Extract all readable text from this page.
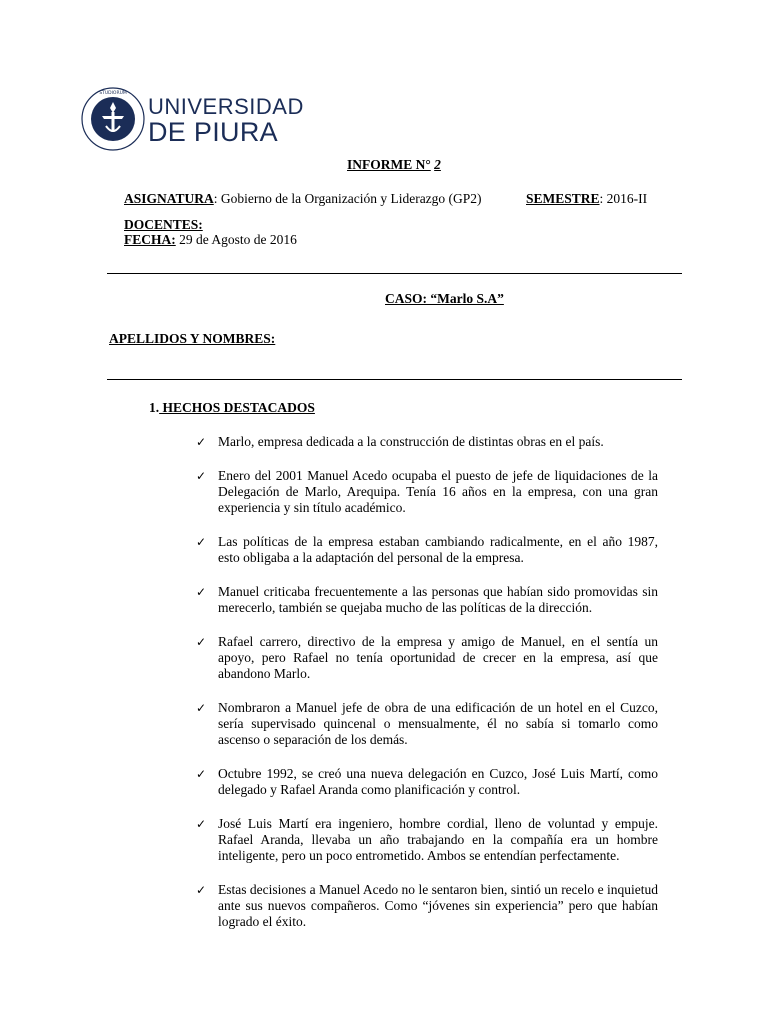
· STUDIORUM ·
UNIVERSIDAD
DE PIURA
INFORME N° 2
ASIGNATURA: Gobierno de la Organización y Liderazgo (GP2)	SEMESTRE: 2016-II
DOCENTES:
FECHA: 29 de Agosto de 2016
CASO: “Marlo S.A”
APELLIDOS Y NOMBRES:
1. HECHOS DESTACADOS
✓ Marlo, empresa dedicada a la construcción de distintas obras en el país.
✓ Enero del 2001 Manuel Acedo ocupaba el puesto de jefe de liquidaciones de la Delegación de Marlo, Arequipa. Tenía 16 años en la empresa, con una gran experiencia y sin título académico.
✓ Las políticas de la empresa estaban cambiando radicalmente, en el año 1987, esto obligaba a la adaptación del personal de la empresa.
✓ Manuel criticaba frecuentemente a las personas que habían sido promovidas sin merecerlo, también se quejaba mucho de las políticas de la dirección.
✓ Rafael carrero, directivo de la empresa y amigo de Manuel, en el sentía un apoyo, pero Rafael no tenía oportunidad de crecer en la empresa, así que abandono Marlo.
✓ Nombraron a Manuel jefe de obra de una edificación de un hotel en el Cuzco, sería supervisado quincenal o mensualmente, él no sabía si tomarlo como ascenso o separación de los demás.
✓ Octubre 1992, se creó una nueva delegación en Cuzco, José Luis Martí, como delegado y Rafael Aranda como planificación y control.
✓ José Luis Martí era ingeniero, hombre cordial, lleno de voluntad y empuje. Rafael Aranda, llevaba un año trabajando en la compañía era un hombre inteligente, pero un poco entrometido. Ambos se entendían perfectamente.
✓ Estas decisiones a Manuel Acedo no le sentaron bien, sintió un recelo e inquietud ante sus nuevos compañeros. Como “jóvenes sin experiencia” pero que habían logrado el éxito.
